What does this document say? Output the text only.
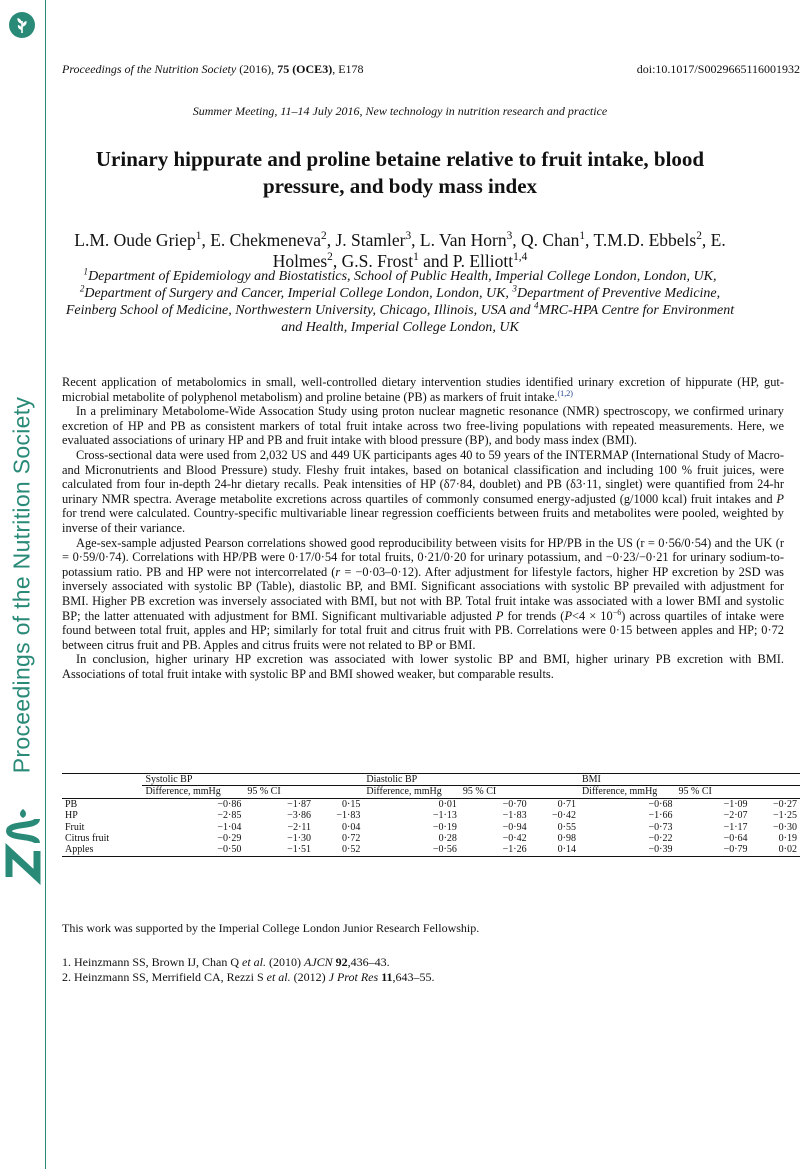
Proceedings of the Nutrition Society
Proceedings of the Nutrition Society (2016), 75 (OCE3), E178	doi:10.1017/S0029665116001932
Summer Meeting, 11–14 July 2016, New technology in nutrition research and practice
Urinary hippurate and proline betaine relative to fruit intake, blood pressure, and body mass index
L.M. Oude Griep$^1$, E. Chekmeneva$^2$, J. Stamler$^3$, L. Van Horn$^3$, Q. Chan$^1$, T.M.D. Ebbels$^2$, E. Holmes$^2$, G.S. Frost$^1$ and P. Elliott$^{1,4}$
$^1$Department of Epidemiology and Biostatistics, School of Public Health, Imperial College London, London, UK, $^2$Department of Surgery and Cancer, Imperial College London, London, UK, $^3$Department of Preventive Medicine, Feinberg School of Medicine, Northwestern University, Chicago, Illinois, USA and $^4$MRC-HPA Centre for Environment and Health, Imperial College London, UK

Recent application of metabolomics in small, well-controlled dietary intervention studies identified urinary excretion of hippurate (HP, gut-microbial metabolite of polyphenol metabolism) and proline betaine (PB) as markers of fruit intake.$^{(1,2)}$

In a preliminary Metabolome-Wide Assocation Study using proton nuclear magnetic resonance (NMR) spectroscopy, we confirmed urinary excretion of HP and PB as consistent markers of total fruit intake across two free-living populations with repeated measurements. Here, we evaluated associations of urinary HP and PB and fruit intake with blood pressure (BP), and body mass index (BMI).

Cross-sectional data were used from 2,032 US and 449 UK participants ages 40 to 59 years of the INTERMAP (International Study of Macro- and Micronutrients and Blood Pressure) study. Fleshy fruit intakes, based on botanical classification and including 100 % fruit juices, were calculated from four in-depth 24-hr dietary recalls. Peak intensities of HP (δ7·84, doublet) and PB (δ3·11, singlet) were quantified from 24-hr urinary NMR spectra. Average metabolite excretions across quartiles of commonly consumed energy-adjusted (g/1000 kcal) fruit intakes and P for trend were calculated. Country-specific multivariable linear regression coefficients between fruits and metabolites were pooled, weighted by inverse of their variance.

Age-sex-sample adjusted Pearson correlations showed good reproducibility between visits for HP/PB in the US (r = 0·56/0·54) and the UK (r = 0·59/0·74). Correlations with HP/PB were 0·17/0·54 for total fruits, 0·21/0·20 for urinary potassium, and −0·23/−0·21 for urinary sodium-to-potassium ratio. PB and HP were not intercorrelated (r = −0·03–0·12). After adjustment for lifestyle factors, higher HP excretion by 2SD was inversely associated with systolic BP (Table), diastolic BP, and BMI. Significant associations with systolic BP prevailed with adjustment for BMI. Higher PB excretion was inversely associated with BMI, but not with BP. Total fruit intake was associated with a lower BMI and systolic BP; the latter attenuated with adjustment for BMI. Significant multivariable adjusted P for trends $(P<4 \times 10^{-6})$ across quartiles of intake were found between total fruit, apples and HP; similarly for total fruit and citrus fruit with PB. Correlations were 0·15 between apples and HP; 0·72 between citrus fruit and PB. Apples and citrus fruits were not related to BP or BMI.

In conclusion, higher urinary HP excretion was associated with lower systolic BP and BMI, higher urinary PB excretion with BMI. Associations of total fruit intake with systolic BP and BMI showed weaker, but comparable results.

	Systolic BP			Diastolic BP			BMI		
	Difference, mmHg	95 % CI		Difference, mmHg	95 % CI		Difference, mmHg	95 % CI	
PB	−0·86	−1·87	0·15	0·01	−0·70	0·71	−0·68	−1·09	−0·27
HP	−2·85	−3·86	−1·83	−1·13	−1·83	−0·42	−1·66	−2·07	−1·25
Fruit	−1·04	−2·11	0·04	−0·19	−0·94	0·55	−0·73	−1·17	−0·30
Citrus fruit	−0·29	−1·30	0·72	0·28	−0·42	0·98	−0·22	−0·64	0·19
Apples	−0·50	−1·51	0·52	−0·56	−1·26	0·14	−0·39	−0·79	0·02
This work was supported by the Imperial College London Junior Research Fellowship.
1. Heinzmann SS, Brown IJ, Chan Q et al. (2010) AJCN 92,436–43.
2. Heinzmann SS, Merrifield CA, Rezzi S et al. (2012) J Prot Res 11,643–55.
